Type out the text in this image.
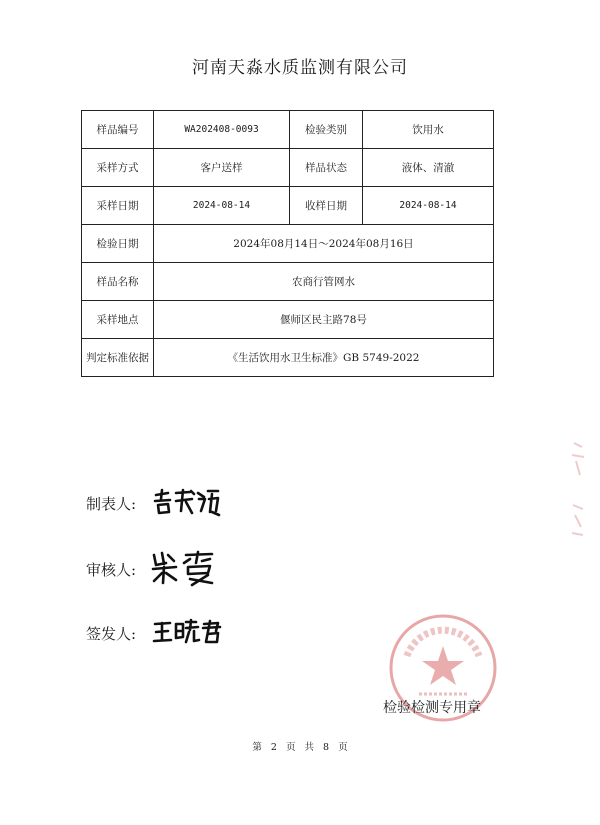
河南天淼水质监测有限公司
样品编号	WA202408-0093	检验类别	饮用水
采样方式	客户送样	样品状态	液体、清澈
采样日期	2024-08-14	收样日期	2024-08-14
检验日期	2024年08月14日～2024年08月16日		
样品名称	农商行管网水		
采样地点	偃师区民主路78号		
判定标准依据	《生活饮用水卫生标准》GB 5749-2022		
制表人:
审核人:
签发人:
检验检测专用章
第 2 页 共 8 页
